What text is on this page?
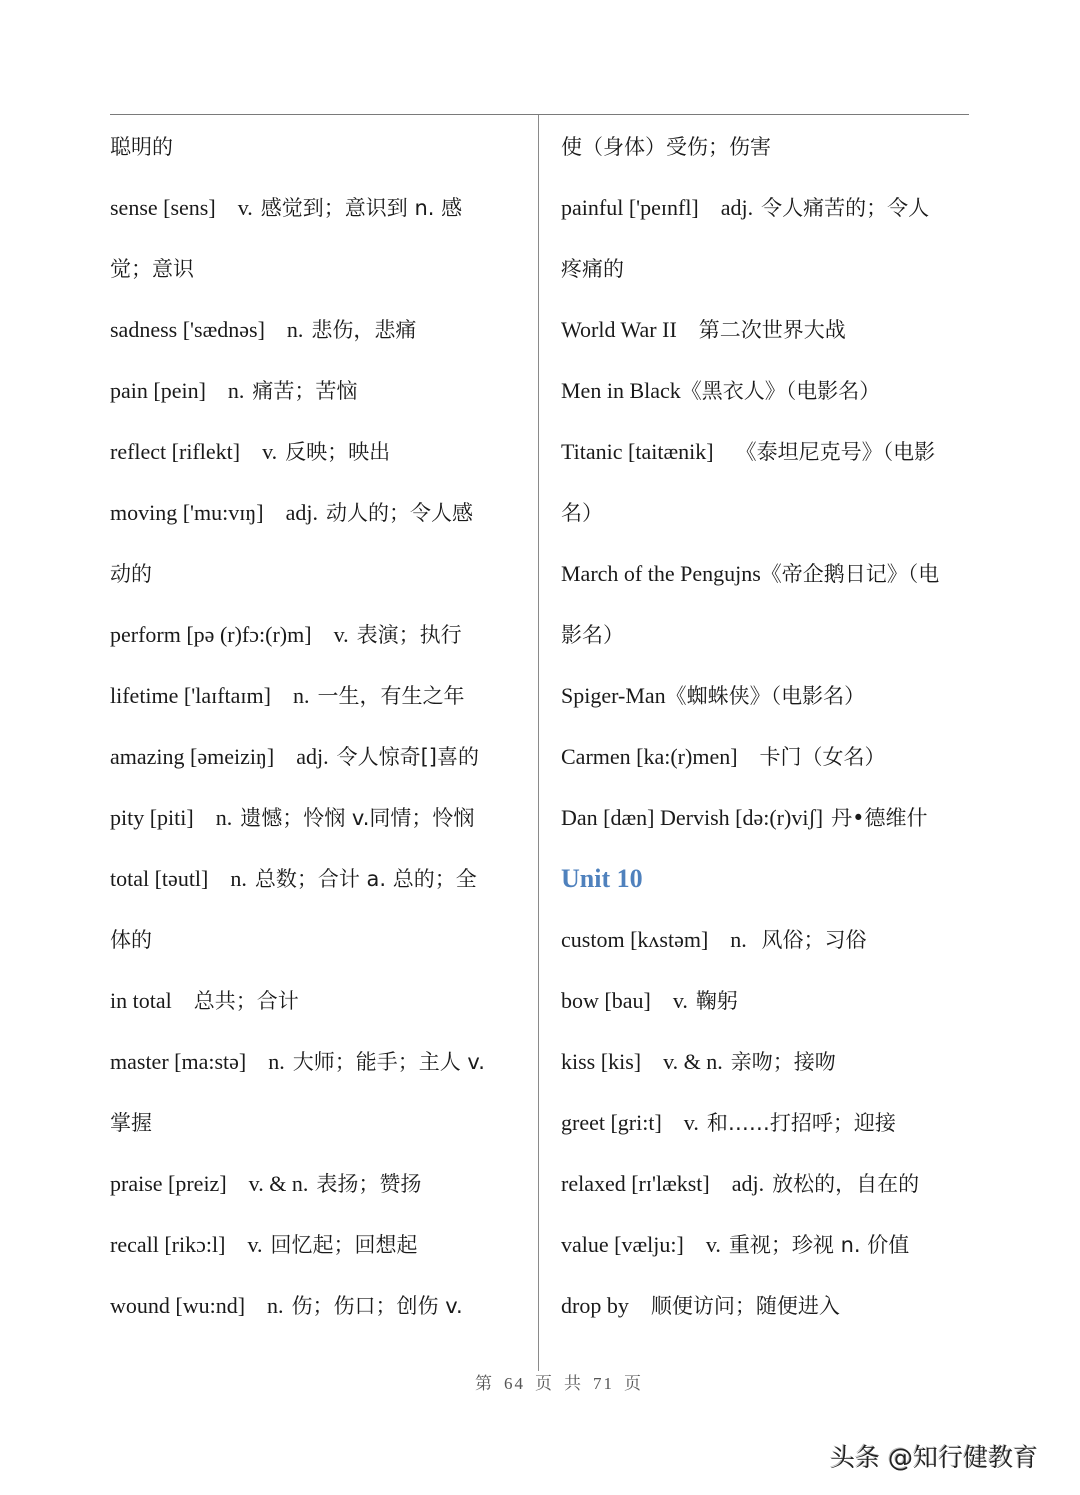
聪明的
sense [sens] v. 感觉到；意识到 n. 感
觉；意识
sadness ['sædnəs] n. 悲伤，悲痛
pain [pein] n. 痛苦；苦恼
reflect [riflekt] v. 反映；映出
moving ['mu:vɪŋ] adj. 动人的；令人感
动的
perform [pə (r)fɔ:(r)m] v. 表演；执行
lifetime ['laɪftaɪm] n. 一生，有生之年
amazing [əmeiziŋ] adj. 令人惊奇[]喜的
pity [piti] n. 遗憾；怜悯 v.同情；怜悯
total [təutl] n. 总数；合计 a. 总的；全
体的
in total 总共；合计
master [ma:stə] n. 大师；能手；主人 v.
掌握
praise [preiz] v. & n. 表扬；赞扬
recall [rikɔ:l] v. 回忆起；回想起
wound [wu:nd] n. 伤；伤口；创伤 v.
使（身体）受伤；伤害
painful ['peɪnfl] adj. 令人痛苦的；令人
疼痛的
World War II 第二次世界大战
Men in Black《黑衣人》（电影名）
Titanic [taitænik] 《泰坦尼克号》（电影
名）
March of the Pengujns《帝企鹅日记》（电
影名）
Spiger-Man《蜘蛛侠》（电影名）
Carmen [ka:(r)men] 卡门（女名）
Dan [dæn] Dervish [də:(r)viʃ] 丹•德维什
Unit 10
custom [kʌstəm] n. 风俗；习俗
bow [bau] v. 鞠躬
kiss [kis] v. & n. 亲吻；接吻
greet [gri:t] v. 和……打招呼；迎接
relaxed [rɪ'lækst] adj. 放松的，自在的
value [vælju:] v. 重视；珍视 n. 价值
drop by 顺便访问；随便进入
第 64 页 共 71 页
头条 @知行健教育
